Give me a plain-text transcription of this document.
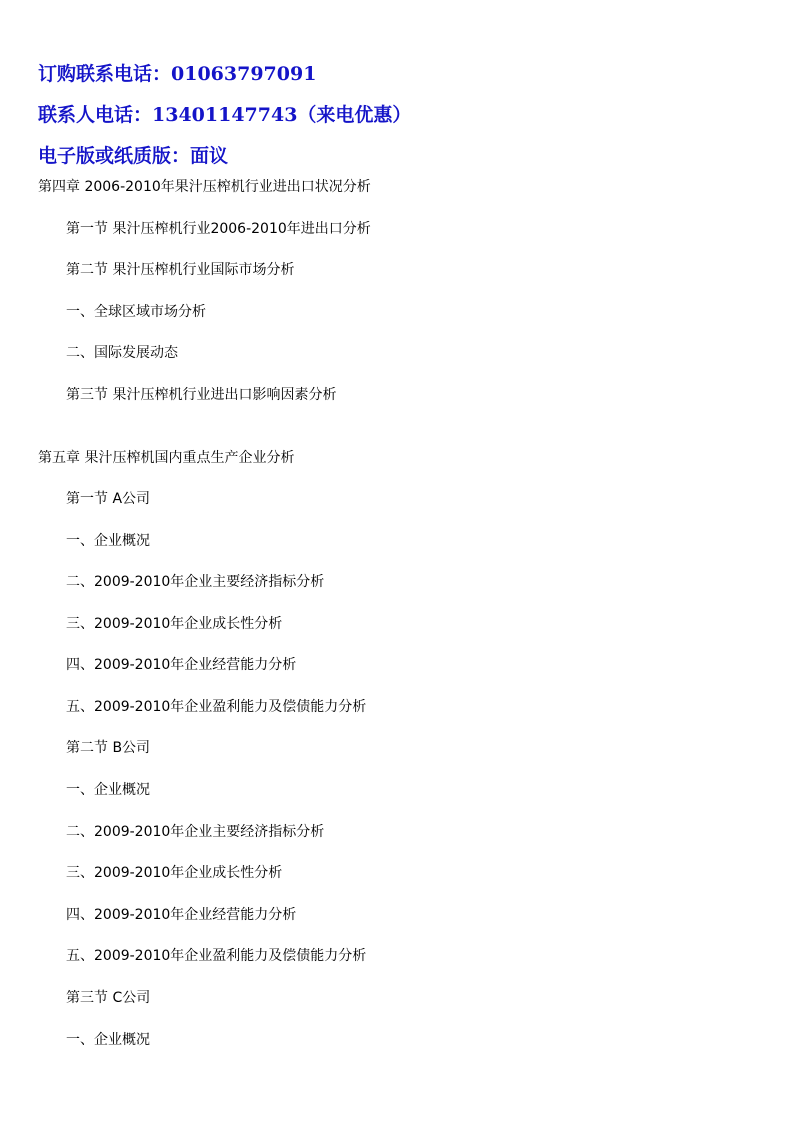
订购联系电话：01063797091
联系人电话：13401147743（来电优惠）
电子版或纸质版：面议
第四章 2006-2010年果汁压榨机行业进出口状况分析
第一节 果汁压榨机行业2006-2010年进出口分析
第二节 果汁压榨机行业国际市场分析
一、全球区域市场分析
二、国际发展动态
第三节 果汁压榨机行业进出口影响因素分析
第五章 果汁压榨机国内重点生产企业分析
第一节 A公司
一、企业概况
二、2009-2010年企业主要经济指标分析
三、2009-2010年企业成长性分析
四、2009-2010年企业经营能力分析
五、2009-2010年企业盈利能力及偿债能力分析
第二节 B公司
一、企业概况
二、2009-2010年企业主要经济指标分析
三、2009-2010年企业成长性分析
四、2009-2010年企业经营能力分析
五、2009-2010年企业盈利能力及偿债能力分析
第三节 C公司
一、企业概况
